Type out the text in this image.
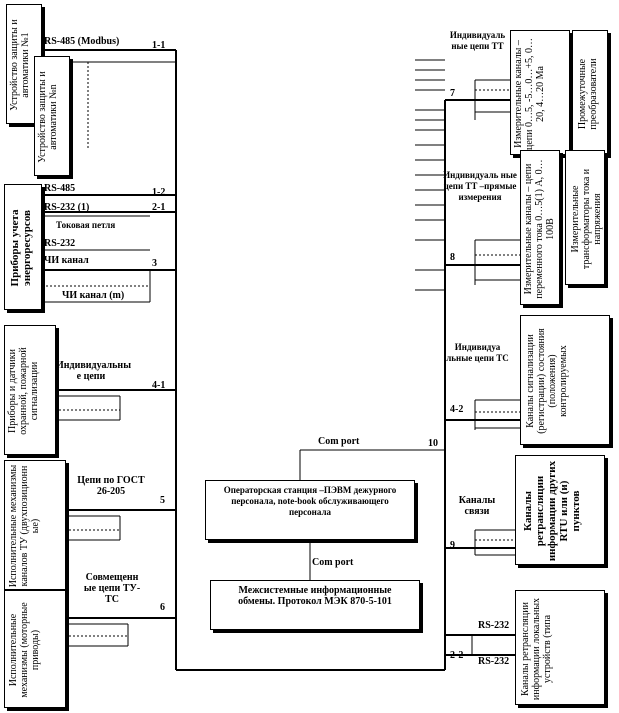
Устройство защиты и автоматики №1
Устройство защиты и автоматики №n
RS-485 (Modbus)	1-1
Приборы учета энергоресурсов
RS-485	1-2
RS-232 (1)	2-1
Токовая петля
RS-232
ЧИ канал	3
ЧИ канал (m)
Приборы и датчики охранной, пожарной сигнализации Индивидуальны е цепи
4-1
Исполнительные механизмы каналов ТУ (двухпозиционн ые)
Цепи по ГОСТ 26-205
5
Исполнительные механизмы (моторные приводы)
Совмещенн ые цепи ТУ-ТС
6
Com port	10
Операторская станция –ПЭВМ дежурного персонала, note-book обслуживающего персонала
Com port
Межсистемные информационные обмены. Протокол МЭК 870-5-101
Индивидуаль ные цепи ТТ
7	Измерительные каналы – цепи 0…5, -5…0…+5, 0…20, 4…20 Ма	Промежуточные преобразователи
Индивидуаль ные цепи ТТ –прямые измерения
8	Измерительные каналы – цепи переменного тока 0…5(1) А, 0…100В Измерительные трансформаторы тока и напряжения
Индивидуа льные цепи ТС
4-2	Каналы сигнализации (регистрации) состояния (положения) контролируемых
Каналы связи
9
Каналы ретрансляции информации других RTU или (и) пунктов
RS-232
RS-232
2-2	Каналы ретрансляции информации локальных устройств (типа
